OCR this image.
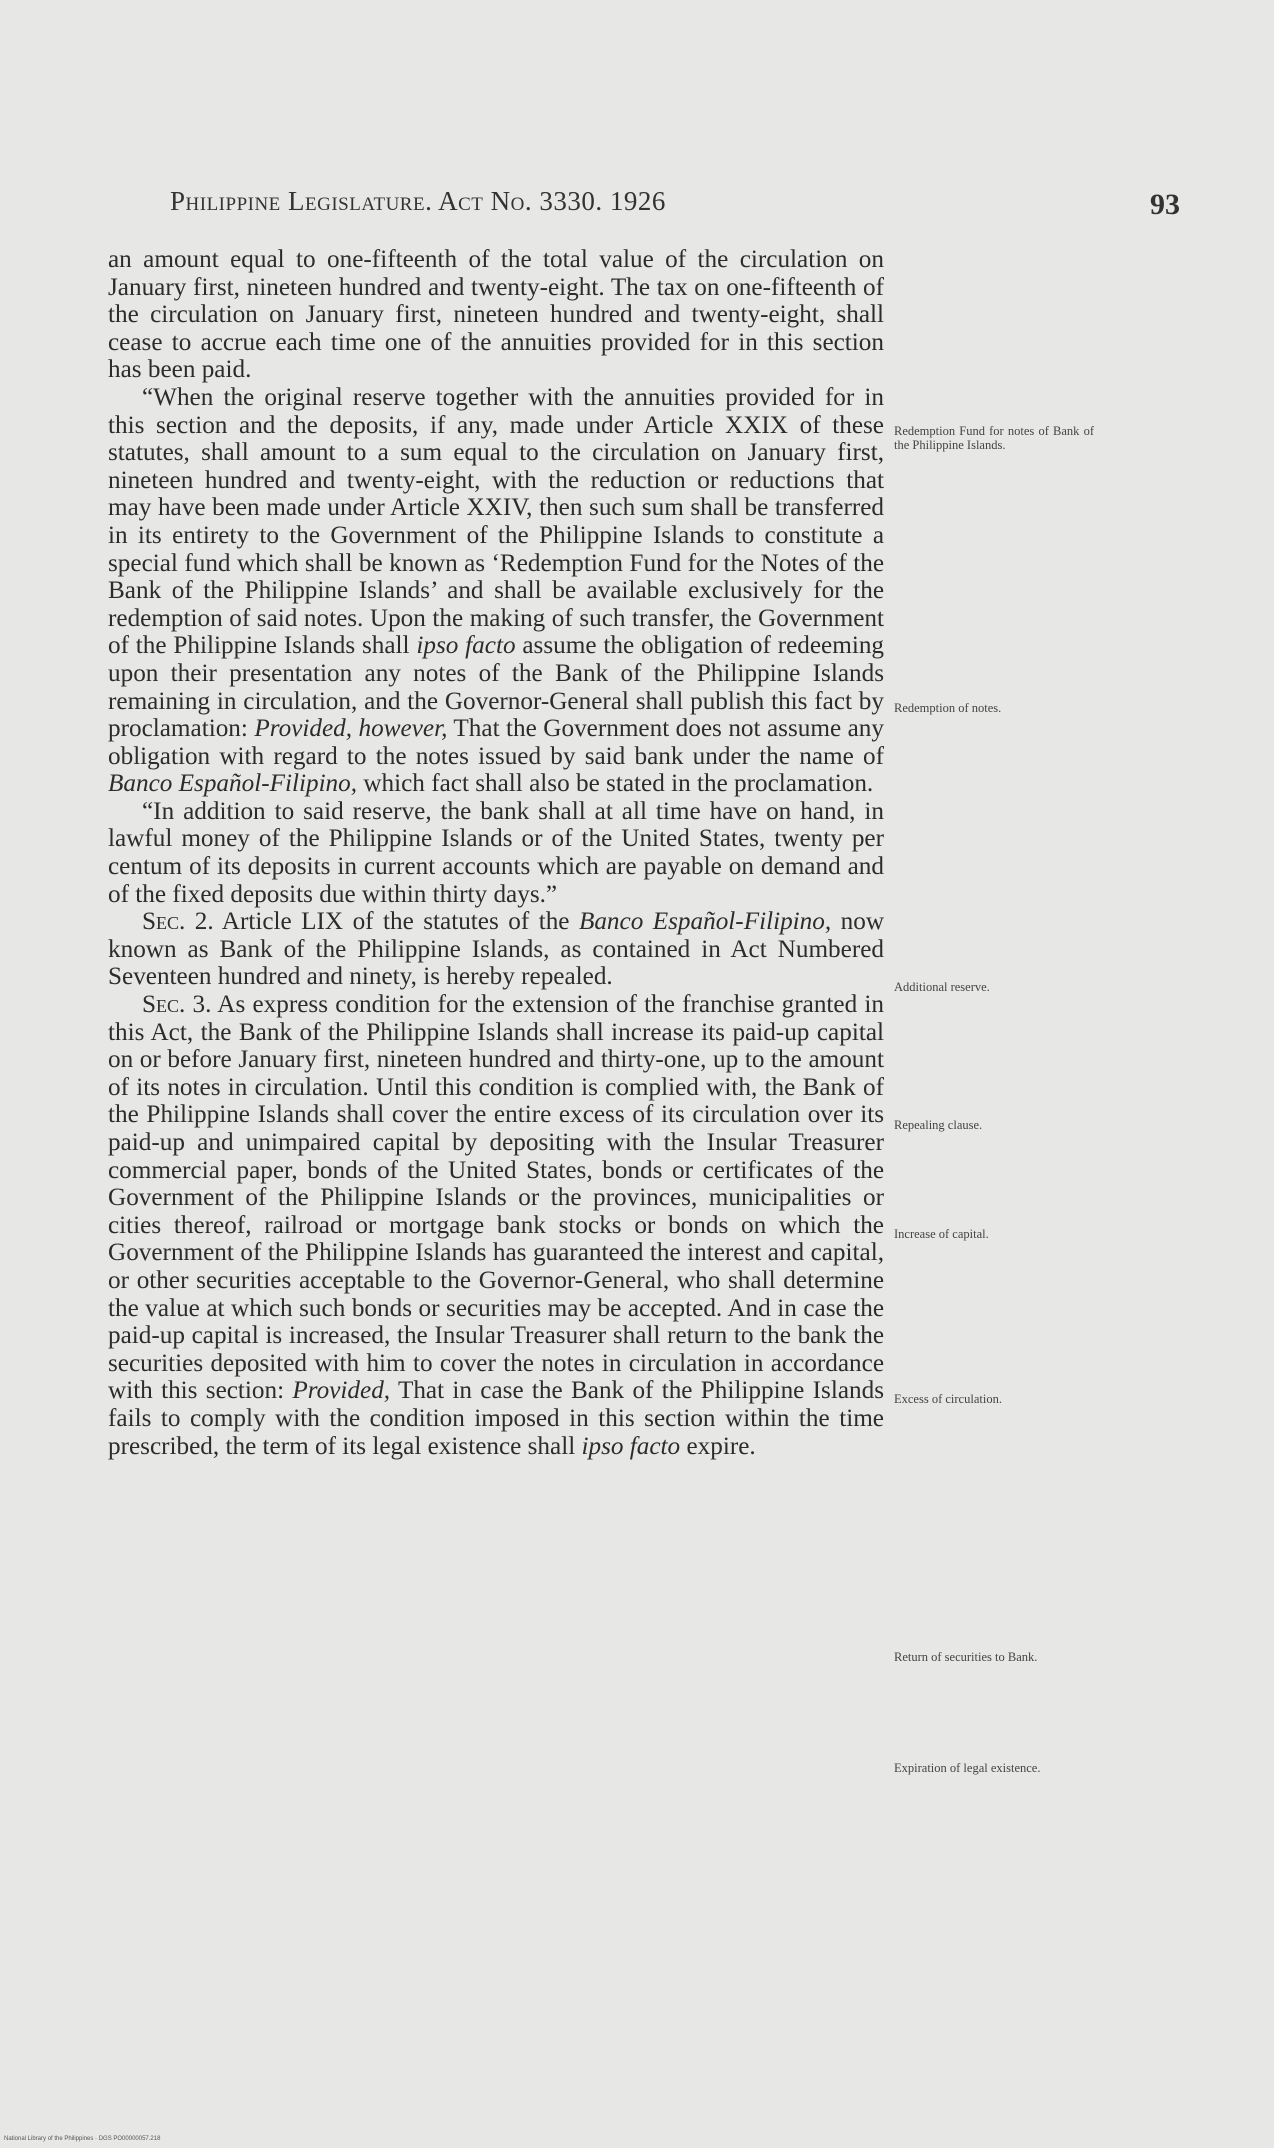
Philippine Legislature. Act No. 3330. 1926	93

an amount equal to one-fifteenth of the total value of the circulation on January first, nineteen hundred and twenty-eight. The tax on one-fifteenth of the circulation on January first, nineteen hundred and twenty-eight, shall cease to accrue each time one of the annuities provided for in this section has been paid.

“When the original reserve together with the annuities provided for in this section and the deposits, if any, made under Article XXIX of these statutes, shall amount to a sum equal to the circulation on January first, nineteen hundred and twenty-eight, with the reduction or reductions that may have been made under Article XXIV, then such sum shall be transferred in its entirety to the Government of the Philippine Islands to constitute a special fund which shall be known as ‘Redemption Fund for the Notes of the Bank of the Philippine Islands’ and shall be available exclusively for the redemption of said notes. Upon the making of such transfer, the Government of the Philippine Islands shall ipso facto assume the obligation of redeeming upon their presentation any notes of the Bank of the Philippine Islands remaining in circulation, and the Governor-General shall publish this fact by proclamation: Provided, however, That the Government does not assume any obligation with regard to the notes issued by said bank under the name of Banco Español-Filipino, which fact shall also be stated in the proclamation.

“In addition to said reserve, the bank shall at all time have on hand, in lawful money of the Philippine Islands or of the United States, twenty per centum of its deposits in current accounts which are payable on demand and of the fixed deposits due within thirty days.”

Sec. 2. Article LIX of the statutes of the Banco Español-Filipino, now known as Bank of the Philippine Islands, as contained in Act Numbered Seventeen hundred and ninety, is hereby repealed.

Sec. 3. As express condition for the extension of the franchise granted in this Act, the Bank of the Philippine Islands shall increase its paid-up capital on or before January first, nineteen hundred and thirty-one, up to the amount of its notes in circulation. Until this condition is complied with, the Bank of the Philippine Islands shall cover the entire excess of its circulation over its paid-up and unimpaired capital by depositing with the Insular Treasurer commercial paper, bonds of the United States, bonds or certificates of the Government of the Philippine Islands or the provinces, municipalities or cities thereof, railroad or mortgage bank stocks or bonds on which the Government of the Philippine Islands has guaranteed the interest and capital, or other securities acceptable to the Governor-General, who shall determine the value at which such bonds or securities may be accepted. And in case the paid-up capital is increased, the Insular Treasurer shall return to the bank the securities deposited with him to cover the notes in circulation in accordance with this section: Provided, That in case the Bank of the Philippine Islands fails to comply with the condition imposed in this section within the time prescribed, the term of its legal existence shall ipso facto expire.

Redemption Fund for notes of Bank of the Philippine Islands.
Redemption of notes.
Additional reserve.
Repealing clause.
Increase of capital.
Excess of circulation.
Return of securities to Bank.
Expiration of legal existence.
National Library of the Philippines · DGS PO00000057.218
